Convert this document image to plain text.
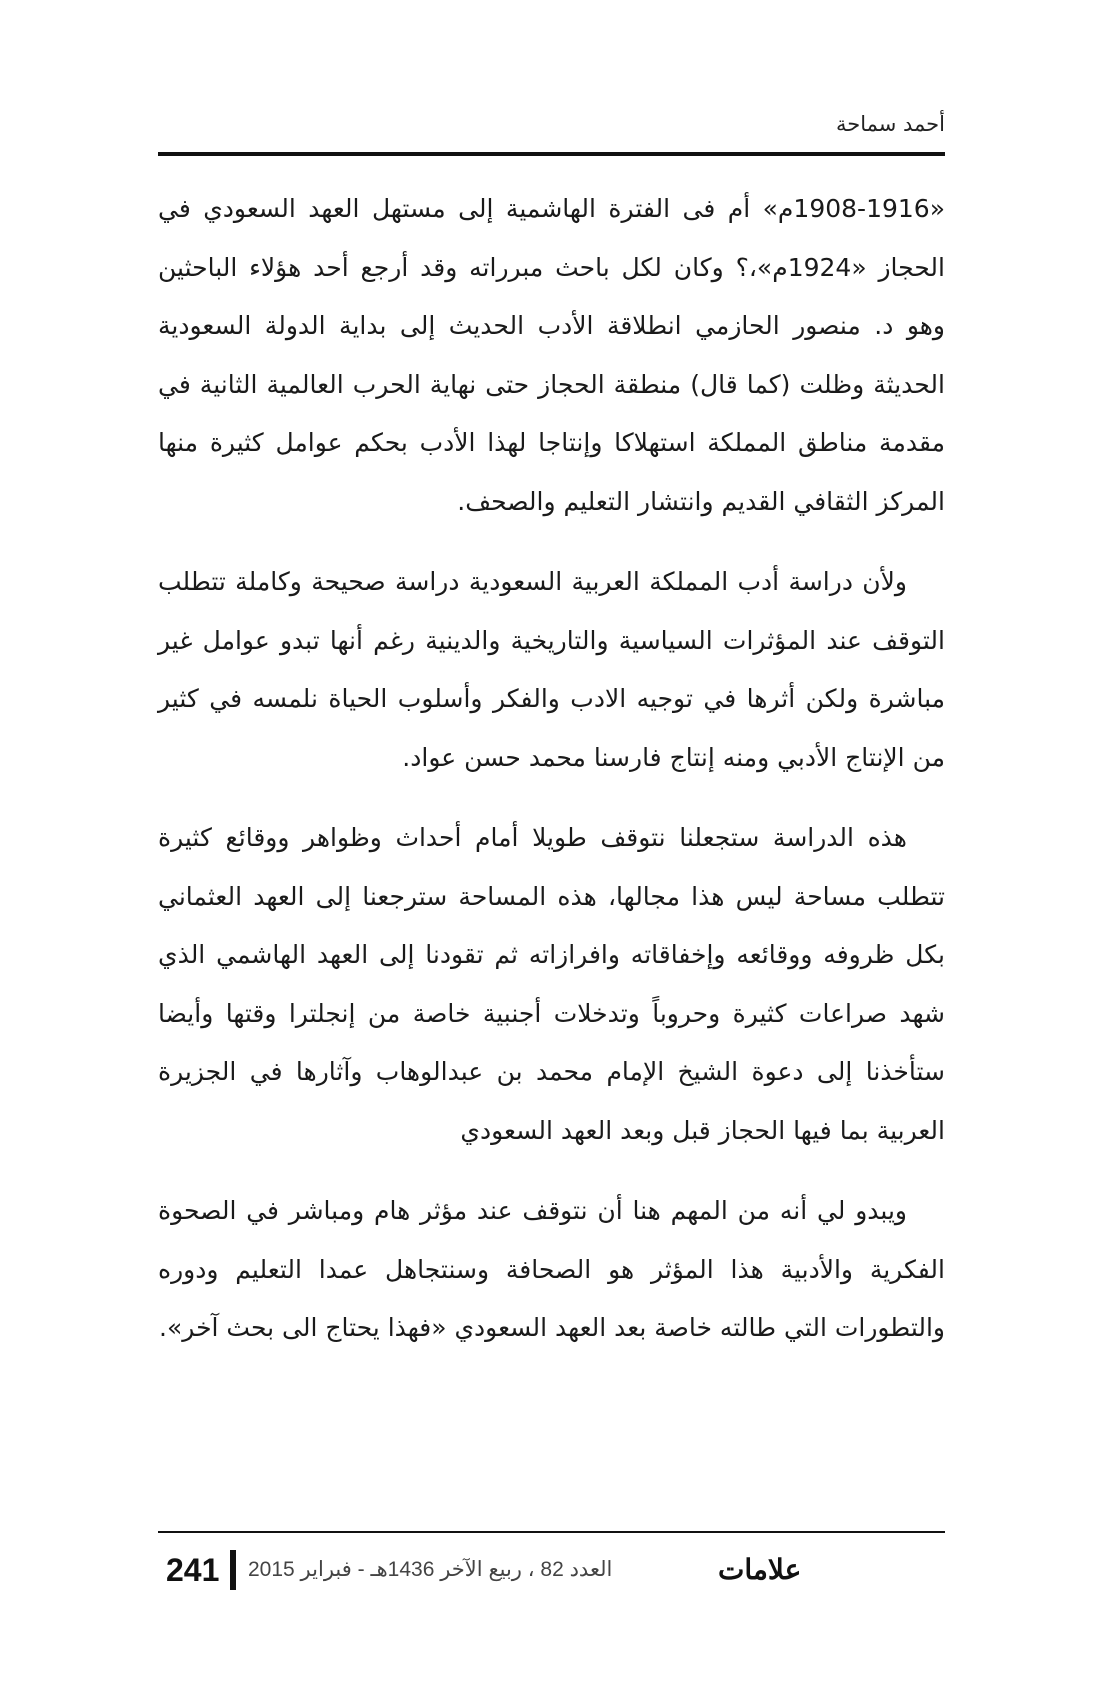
أحمد سماحة

«1908-1916م» أم فى الفترة الهاشمية إلى مستهل العهد السعودي في الحجاز «1924م»،؟ وكان لكل باحث مبرراته وقد أرجع أحد هؤلاء الباحثين وهو د. منصور الحازمي انطلاقة الأدب الحديث إلى بداية الدولة السعودية الحديثة وظلت (كما قال) منطقة الحجاز حتى نهاية الحرب العالمية الثانية في مقدمة مناطق المملكة استهلاكا وإنتاجا لهذا الأدب بحكم عوامل كثيرة منها المركز الثقافي القديم وانتشار التعليم والصحف.

ولأن دراسة أدب المملكة العربية السعودية دراسة صحيحة وكاملة تتطلب التوقف عند المؤثرات السياسية والتاريخية والدينية رغم أنها تبدو عوامل غير مباشرة ولكن أثرها في توجيه الادب والفكر وأسلوب الحياة نلمسه في كثير من الإنتاج الأدبي ومنه إنتاج فارسنا محمد حسن عواد.

هذه الدراسة ستجعلنا نتوقف طويلا أمام أحداث وظواهر ووقائع كثيرة تتطلب مساحة ليس هذا مجالها، هذه المساحة سترجعنا إلى العهد العثماني بكل ظروفه ووقائعه وإخفاقاته وافرازاته ثم تقودنا إلى العهد الهاشمي الذي شهد صراعات كثيرة وحروباً وتدخلات أجنبية خاصة من إنجلترا وقتها وأيضا ستأخذنا إلى دعوة الشيخ الإمام محمد بن عبدالوهاب وآثارها في الجزيرة العربية بما فيها الحجاز قبل وبعد العهد السعودي

ويبدو لي أنه من المهم هنا أن نتوقف عند مؤثر هام ومباشر في الصحوة الفكرية والأدبية هذا المؤثر هو الصحافة وسنتجاهل عمدا التعليم ودوره والتطورات التي طالته خاصة بعد العهد السعودي «فهذا يحتاج الى بحث آخر».

241 العدد 82 ، ربيع الآخر 1436هـ - فبراير 2015	علامات
